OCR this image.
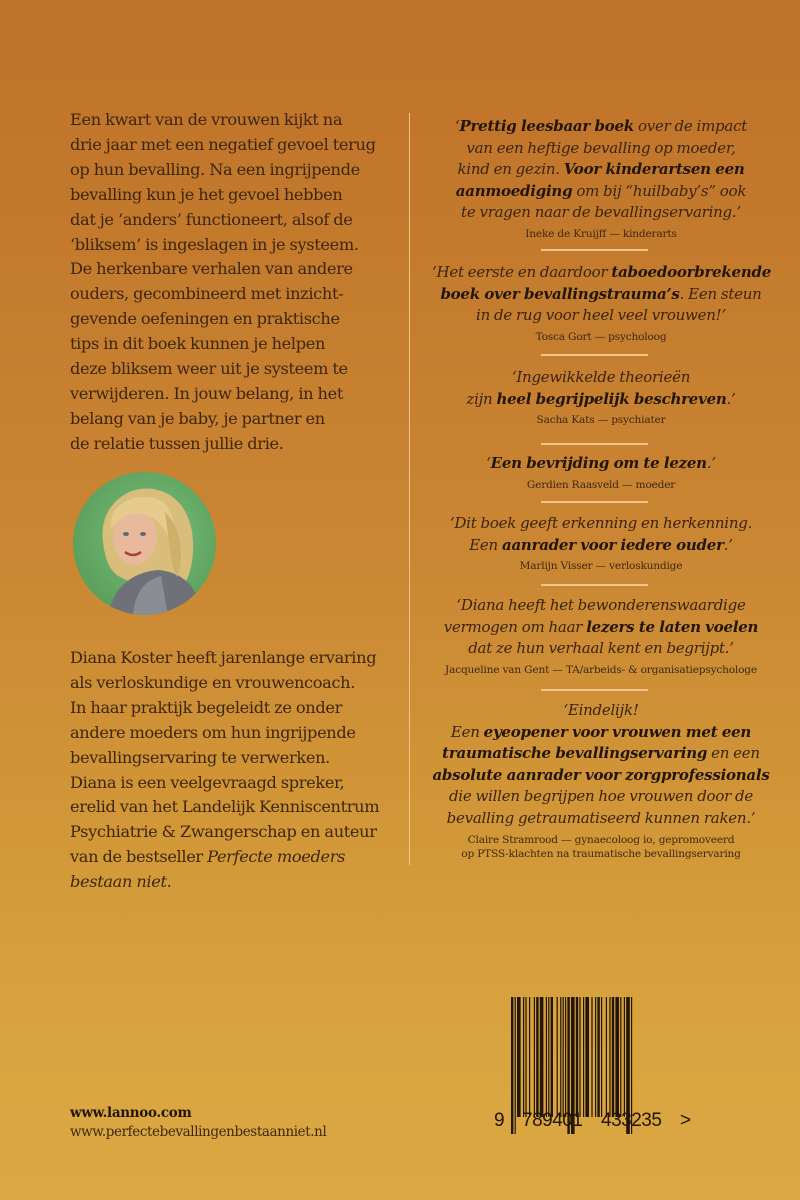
Een kwart van de vrouwen kijkt na
drie jaar met een negatief gevoel terug
op hun bevalling. Na een ingrijpende
bevalling kun je het gevoel hebben
dat je ‘anders’ functioneert, alsof de
‘bliksem’ is ingeslagen in je systeem.
De herkenbare verhalen van andere
ouders, gecombineerd met inzicht-
gevende oefeningen en praktische
tips in dit boek kunnen je helpen
deze bliksem weer uit je systeem te
verwijderen. In jouw belang, in het
belang van je baby, je partner en
de relatie tussen jullie drie.

Diana Koster heeft jarenlange ervaring
als verloskundige en vrouwencoach.
In haar praktijk begeleidt ze onder
andere moeders om hun ingrijpende
bevallingservaring te verwerken.
Diana is een veelgevraagd spreker,
erelid van het Landelijk Kenniscentrum
Psychiatrie & Zwangerschap en auteur
van de bestseller Perfecte moeders
bestaan niet.

‘Prettig leesbaar boek over de impact
van een heftige bevalling op moeder,
kind en gezin. Voor kinderartsen een
aanmoediging om bij “huilbaby’s” ook
te vragen naar de bevallingservaring.’
Ineke de Kruijff — kinderarts
‘Het eerste en daardoor taboedoorbrekende
boek over bevallingstrauma’s. Een steun
in de rug voor heel veel vrouwen!’
Tosca Gort — psycholoog
‘Ingewikkelde theorieën
zijn heel begrijpelijk beschreven.’
Sacha Kats — psychiater
‘Een bevrijding om te lezen.’
Gerdien Raasveld — moeder
‘Dit boek geeft erkenning en herkenning.
Een aanrader voor iedere ouder.’
Marlijn Visser — verloskundige
‘Diana heeft het bewonderenswaardige
vermogen om haar lezers te laten voelen
dat ze hun verhaal kent en begrijpt.’
Jacqueline van Gent — TA/arbeids- & organisatiepsychologe
‘Eindelijk!
Een eyeopener voor vrouwen met een
traumatische bevallingservaring en een
absolute aanrader voor zorgprofessionals
die willen begrijpen hoe vrouwen door de
bevalling getraumatiseerd kunnen raken.’
Claire Stramrood — gynaecoloog io, gepromoveerd
op PTSS-klachten na traumatische bevallingservaring
www.lannoo.com
www.perfectebevallingenbestaanniet.nl
9 789401 433235 >
